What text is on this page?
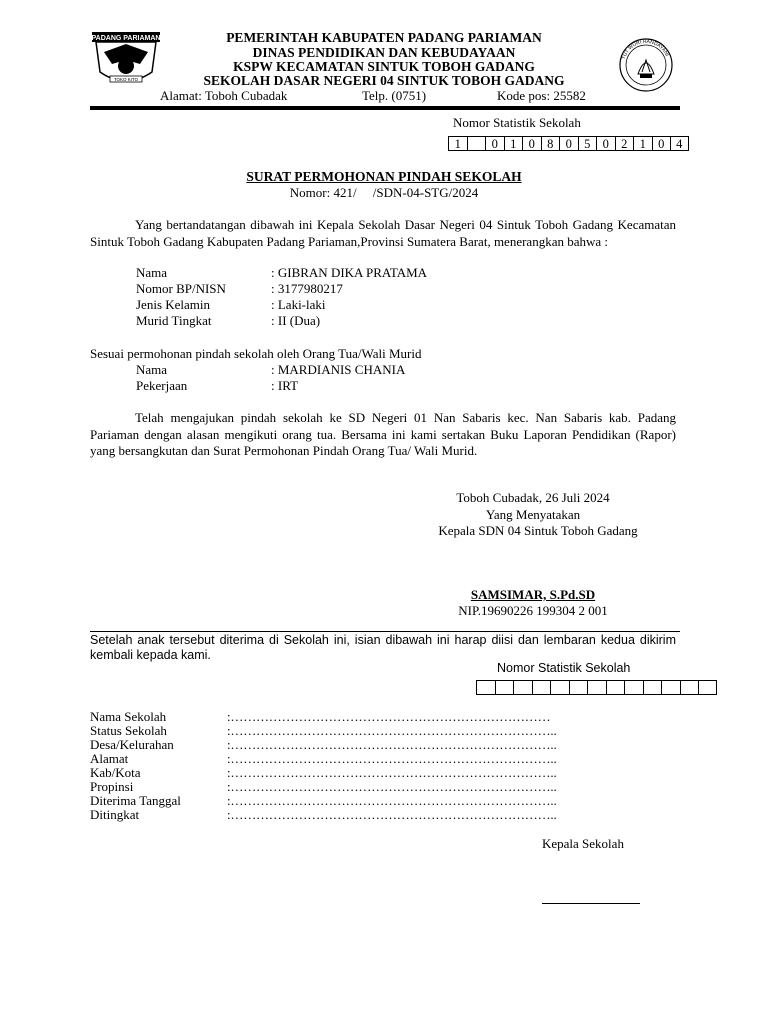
PADANG PARIAMAN
TOKO KITO
TUT WURI HANDAYANI
PEMERINTAH KABUPATEN PADANG PARIAMAN
DINAS PENDIDIKAN DAN KEBUDAYAAN
KSPW KECAMATAN SINTUK TOBOH GADANG
SEKOLAH DASAR NEGERI 04 SINTUK TOBOH GADANG
Alamat: Toboh Cubadak	Telp. (0751)	Kode pos: 25582
Nomor Statistik Sekolah
1	0 1 0 8 0 5 0 2 1 0 4
SURAT PERMOHONAN PINDAH SEKOLAH
Nomor: 421/     /SDN-04-STG/2024
Yang bertandatangan dibawah ini Kepala Sekolah Dasar Negeri 04 Sintuk Toboh Gadang Kecamatan Sintuk Toboh Gadang Kabupaten Padang Pariaman,Provinsi Sumatera Barat, menerangkan bahwa :
Nama	: GIBRAN DIKA PRATAMA
Nomor BP/NISN	: 3177980217
Jenis Kelamin	: Laki-laki
Murid Tingkat	: II (Dua)
Sesuai permohonan pindah sekolah oleh Orang Tua/Wali Murid
Nama	: MARDIANIS CHANIA
Pekerjaan	: IRT
Telah mengajukan pindah sekolah ke SD Negeri 01 Nan Sabaris kec. Nan Sabaris kab. Padang Pariaman dengan alasan mengikuti orang tua. Bersama ini kami sertakan Buku Laporan Pendidikan (Rapor) yang bersangkutan dan Surat Permohonan Pindah Orang Tua/ Wali Murid.
Toboh Cubadak, 26 Juli 2024
Yang Menyatakan
Kepala SDN 04 Sintuk Toboh Gadang
SAMSIMAR, S.Pd.SD
NIP.19690226 199304 2 001
Setelah anak tersebut diterima di Sekolah ini, isian dibawah ini harap diisi dan lembaran kedua dikirim kembali kepada kami.
Nomor Statistik Sekolah
Nama Sekolah	:…………………………………………………………………
Status Sekolah	:…………………………………………………………………..
Desa/Kelurahan	:…………………………………………………………………..
Alamat	:…………………………………………………………………..
Kab/Kota	:…………………………………………………………………..
Propinsi	:…………………………………………………………………..
Diterima Tanggal	:…………………………………………………………………..
Ditingkat	:…………………………………………………………………..
Kepala Sekolah
